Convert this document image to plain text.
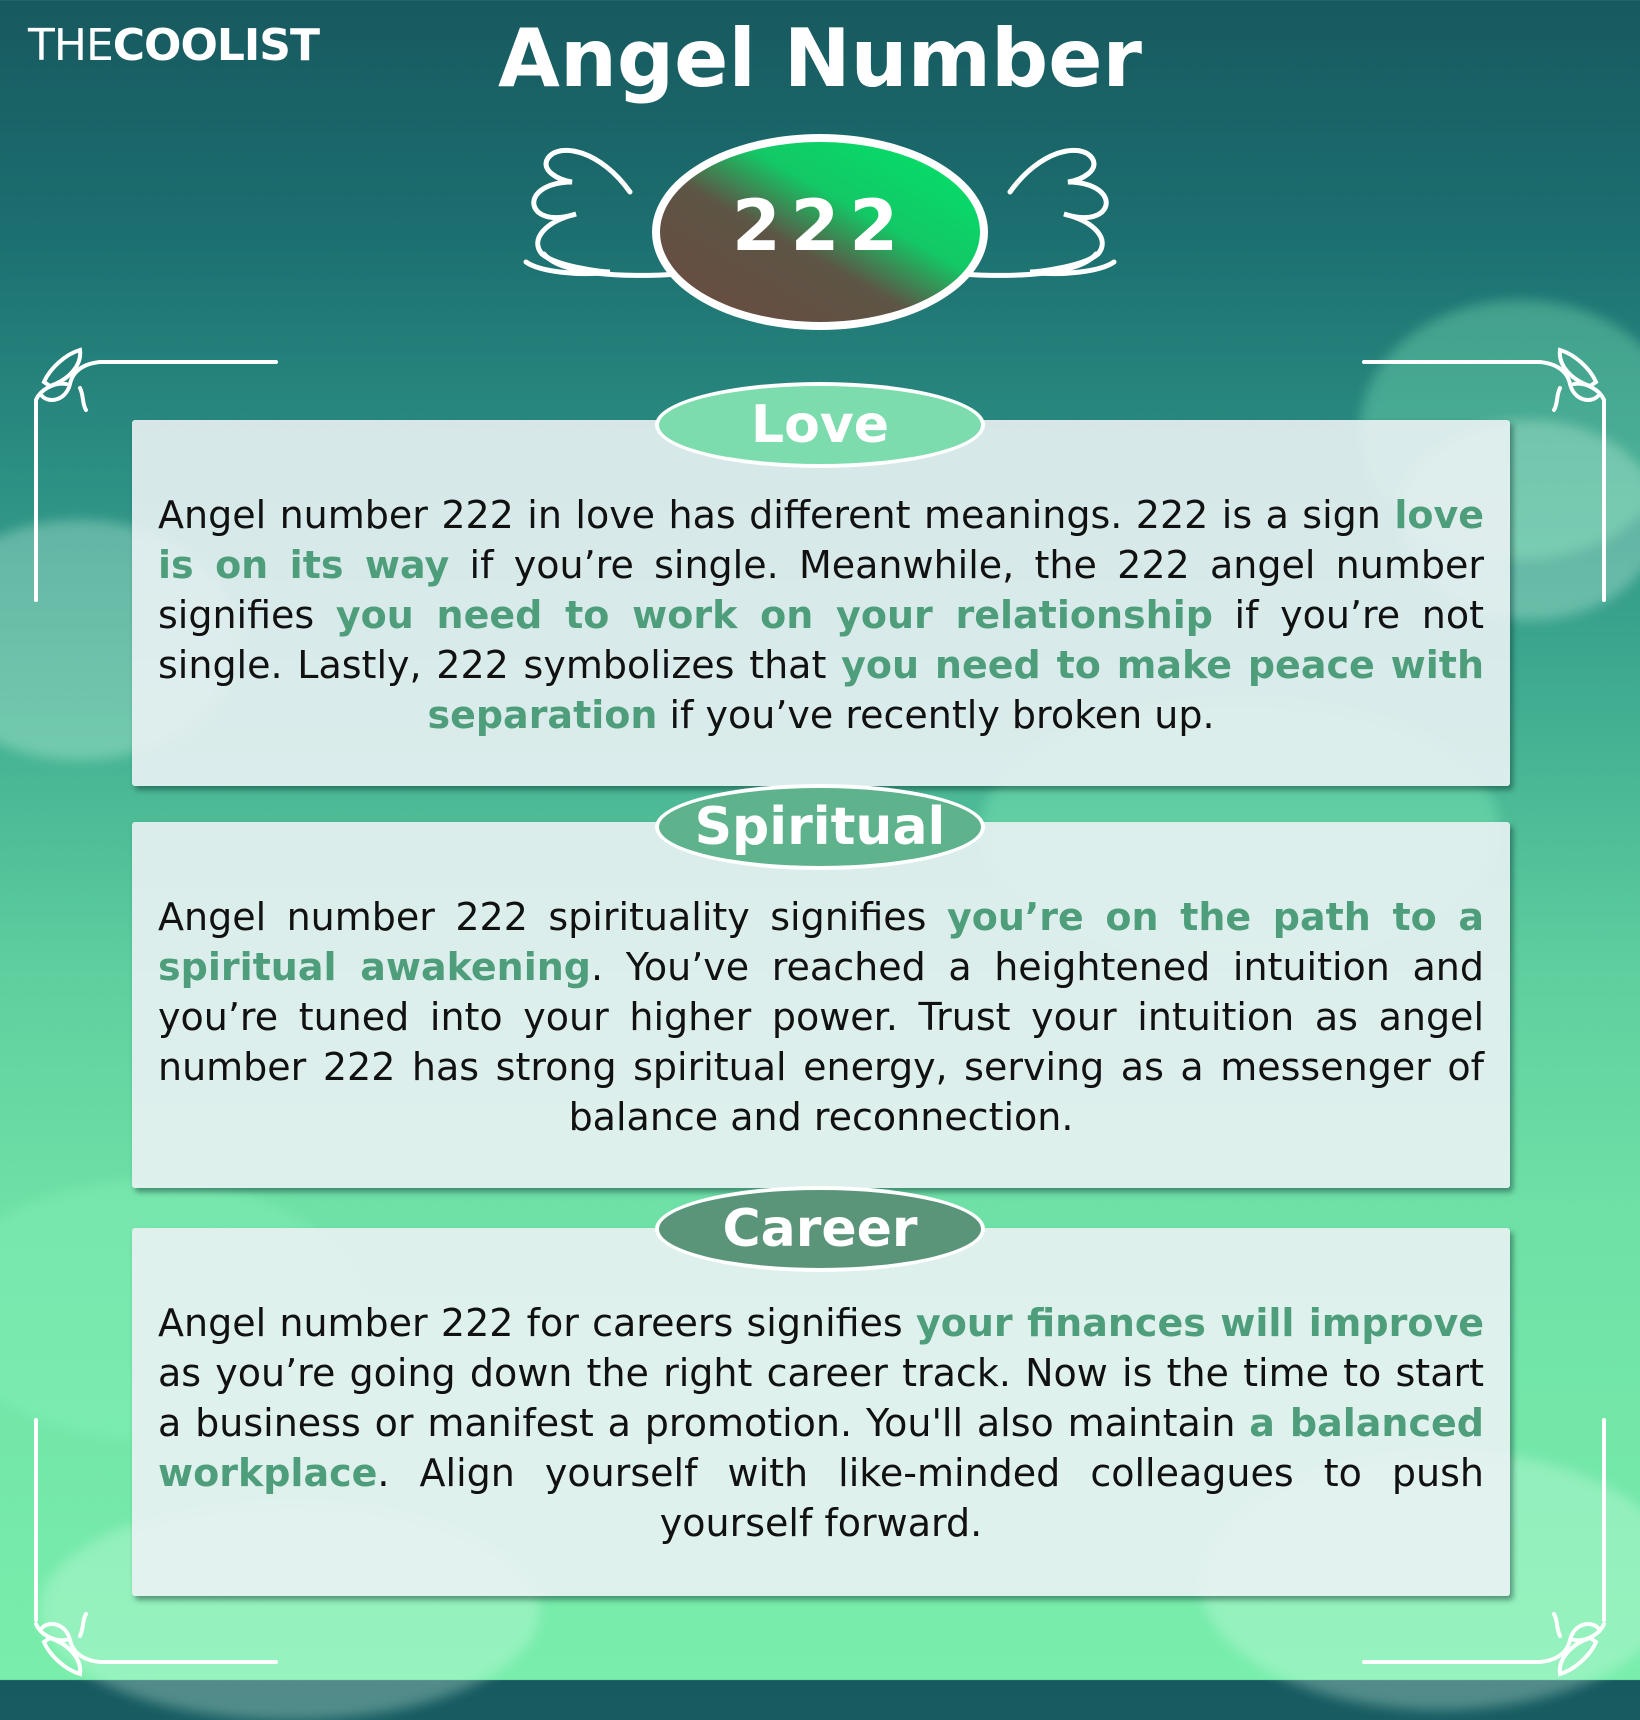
THECOOLIST	Angel Number
222

Angel number 222 in love has different meanings. 222 is a sign love is on its way if you’re single. Meanwhile, the 222 angel number signifies you need to work on your relationship if you’re not single. Lastly, 222 symbolizes that you need to make peace with separation if you’ve recently broken up.

Love

Angel number 222 spirituality signifies you’re on the path to a spiritual awakening. You’ve reached a heightened intuition and you’re tuned into your higher power. Trust your intuition as angel number 222 has strong spiritual energy, serving as a messenger of balance and reconnection.

Spiritual

Angel number 222 for careers signifies your finances will improve as you’re going down the right career track. Now is the time to start a business or manifest a promotion. You'll also maintain a balanced workplace. Align yourself with like-minded colleagues to push yourself forward.

Career
